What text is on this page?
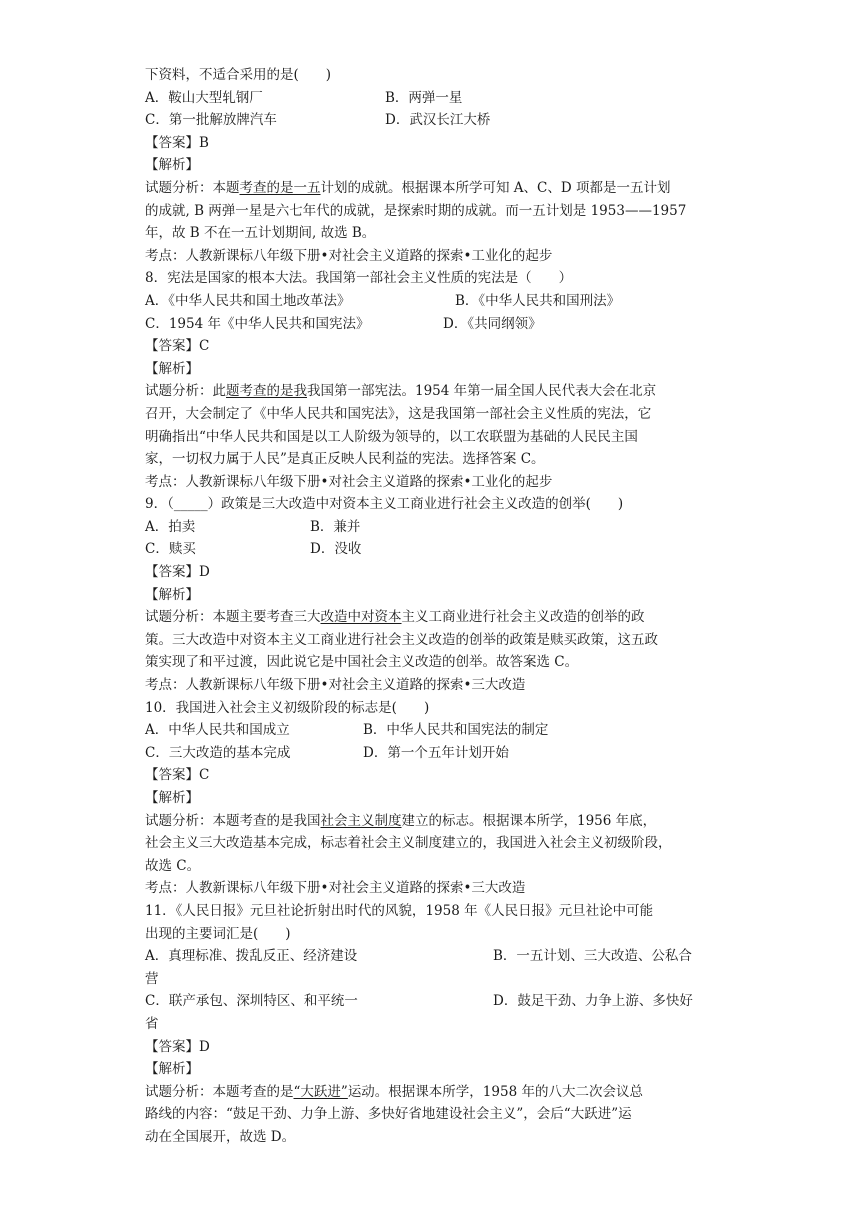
下资料，不适合采用的是(　　)
A．鞍山大型轧钢厂	B．两弹一星
C．第一批解放牌汽车	D．武汉长江大桥
【答案】B
【解析】
试题分析：本题考查的是一五计划的成就。根据课本所学可知 A、C、D 项都是一五计划
的成就, B 两弹一星是六七年代的成就，是探索时期的成就。而一五计划是 1953——1957
年，故 B 不在一五计划期间, 故选 B。
考点：人教新课标八年级下册•对社会主义道路的探索•工业化的起步
8．宪法是国家的根本大法。我国第一部社会主义性质的宪法是（　　）
A．《中华人民共和国土地改革法》	B．《中华人民共和国刑法》
C．1954 年《中华人民共和国宪法》	D．《共同纲领》
【答案】C
【解析】
试题分析：此题考查的是我我国第一部宪法。1954 年第一届全国人民代表大会在北京
召开，大会制定了《中华人民共和国宪法》，这是我国第一部社会主义性质的宪法，它
明确指出“中华人民共和国是以工人阶级为领导的，以工农联盟为基础的人民民主国
家，一切权力属于人民”是真正反映人民利益的宪法。选择答案 C。
考点：人教新课标八年级下册•对社会主义道路的探索•工业化的起步
9．（_____）政策是三大改造中对资本主义工商业进行社会主义改造的创举(　　)
A．拍卖	B．兼并
C．赎买	D．没收
【答案】D
【解析】
试题分析：本题主要考查三大改造中对资本主义工商业进行社会主义改造的创举的政
策。三大改造中对资本主义工商业进行社会主义改造的创举的政策是赎买政策，这五政
策实现了和平过渡，因此说它是中国社会主义改造的创举。故答案选 C。
考点：人教新课标八年级下册•对社会主义道路的探索•三大改造
10．我国进入社会主义初级阶段的标志是(　　)
A．中华人民共和国成立	B．中华人民共和国宪法的制定
C．三大改造的基本完成	D．第一个五年计划开始
【答案】C
【解析】
试题分析：本题考查的是我国社会主义制度建立的标志。根据课本所学，1956 年底，
社会主义三大改造基本完成，标志着社会主义制度建立的，我国进入社会主义初级阶段，
故选 C。
考点：人教新课标八年级下册•对社会主义道路的探索•三大改造
11．《人民日报》元旦社论折射出时代的风貌，1958 年《人民日报》元旦社论中可能
出现的主要词汇是(　　)
A．真理标准、拨乱反正、经济建设	B．一五计划、三大改造、公私合
营
C．联产承包、深圳特区、和平统一	D．鼓足干劲、力争上游、多快好
省
【答案】D
【解析】
试题分析：本题考查的是“大跃进”运动。根据课本所学，1958 年的八大二次会议总
路线的内容：“鼓足干劲、力争上游、多快好省地建设社会主义”，会后“大跃进”运
动在全国展开，故选 D。
